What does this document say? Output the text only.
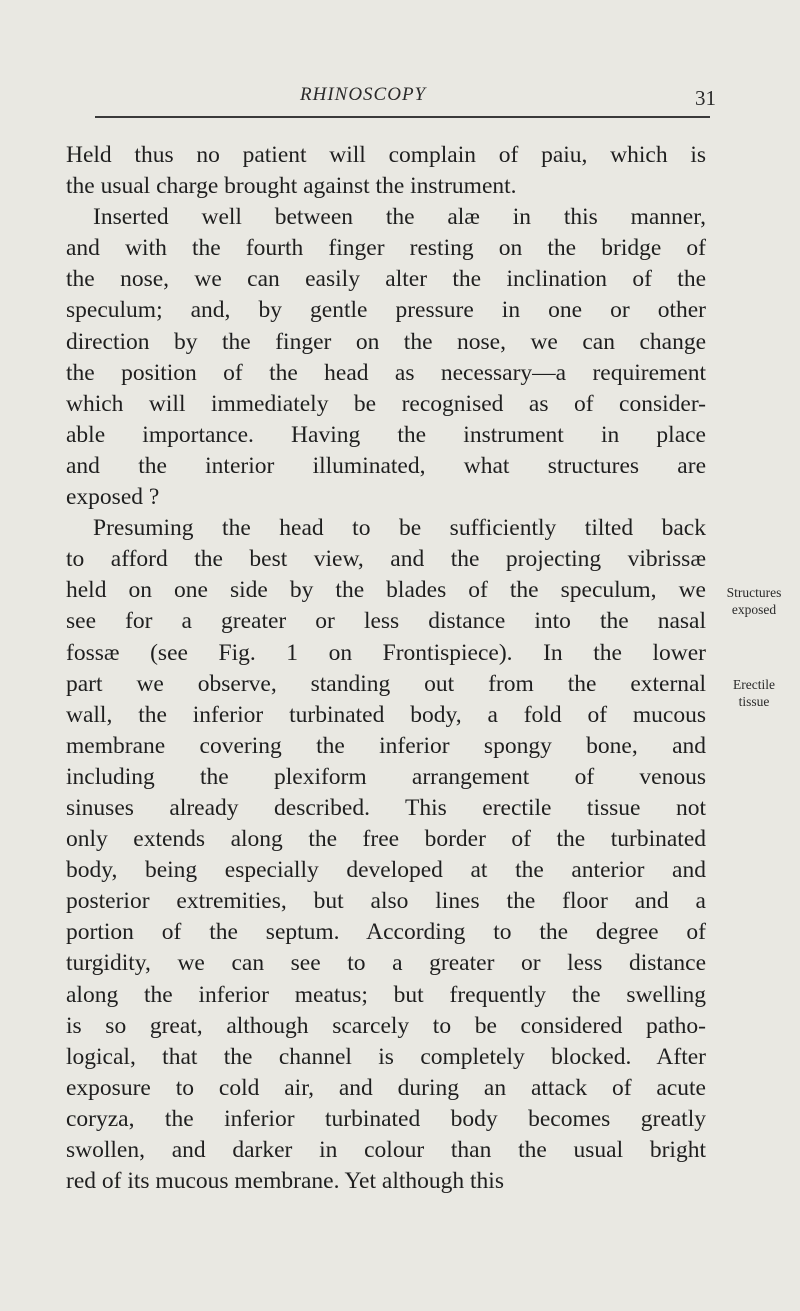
RHINOSCOPY	31
Held thus no patient will complain of paiu, which is
the usual charge brought against the instrument.
Inserted well between the alæ in this manner,
and with the fourth finger resting on the bridge of
the nose, we can easily alter the inclination of the
speculum; and, by gentle pressure in one or other
direction by the finger on the nose, we can change
the position of the head as necessary—a requirement
which will immediately be recognised as of consider-
able importance. Having the instrument in place
and the interior illuminated, what structures are
exposed ?
Presuming the head to be sufficiently tilted back
to afford the best view, and the projecting vibrissæ
held on one side by the blades of the speculum, we
see for a greater or less distance into the nasal
fossæ (see Fig. 1 on Frontispiece). In the lower
part we observe, standing out from the external
wall, the inferior turbinated body, a fold of mucous
membrane covering the inferior spongy bone, and
including the plexiform arrangement of venous
sinuses already described. This erectile tissue not
only extends along the free border of the turbinated
body, being especially developed at the anterior and
posterior extremities, but also lines the floor and a
portion of the septum. According to the degree of
turgidity, we can see to a greater or less distance
along the inferior meatus; but frequently the swelling
is so great, although scarcely to be considered patho-
logical, that the channel is completely blocked. After
exposure to cold air, and during an attack of acute
coryza, the inferior turbinated body becomes greatly
swollen, and darker in colour than the usual bright
red of its mucous membrane. Yet although this
Structures
exposed
Erectile
tissue
